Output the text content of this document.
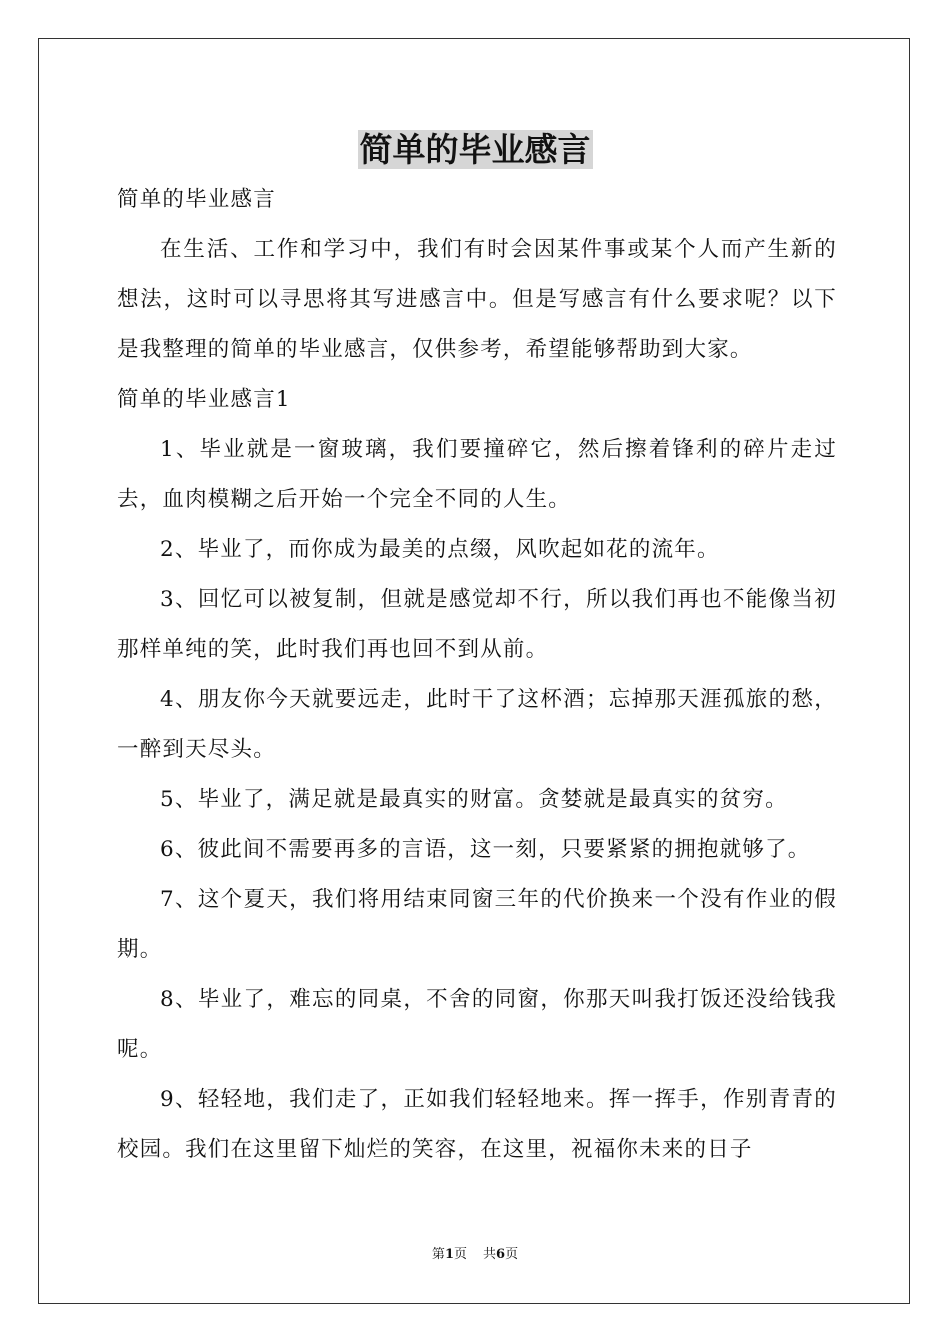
简单的毕业感言

简单的毕业感言

在生活、工作和学习中，我们有时会因某件事或某个人而产生新的想法，这时可以寻思将其写进感言中。但是写感言有什么要求呢？以下是我整理的简单的毕业感言，仅供参考，希望能够帮助到大家。

简单的毕业感言1

1、毕业就是一窗玻璃，我们要撞碎它，然后擦着锋利的碎片走过去，血肉模糊之后开始一个完全不同的人生。

2、毕业了，而你成为最美的点缀，风吹起如花的流年。

3、回忆可以被复制，但就是感觉却不行，所以我们再也不能像当初那样单纯的笑，此时我们再也回不到从前。

4、朋友你今天就要远走，此时干了这杯酒；忘掉那天涯孤旅的愁，一醉到天尽头。

5、毕业了，满足就是最真实的财富。贪婪就是最真实的贫穷。

6、彼此间不需要再多的言语，这一刻，只要紧紧的拥抱就够了。

7、这个夏天，我们将用结束同窗三年的代价换来一个没有作业的假期。

8、毕业了，难忘的同桌，不舍的同窗，你那天叫我打饭还没给钱我呢。

9、轻轻地，我们走了，正如我们轻轻地来。挥一挥手，作别青青的校园。我们在这里留下灿烂的笑容，在这里，祝福你未来的日子

第1页 共6页
